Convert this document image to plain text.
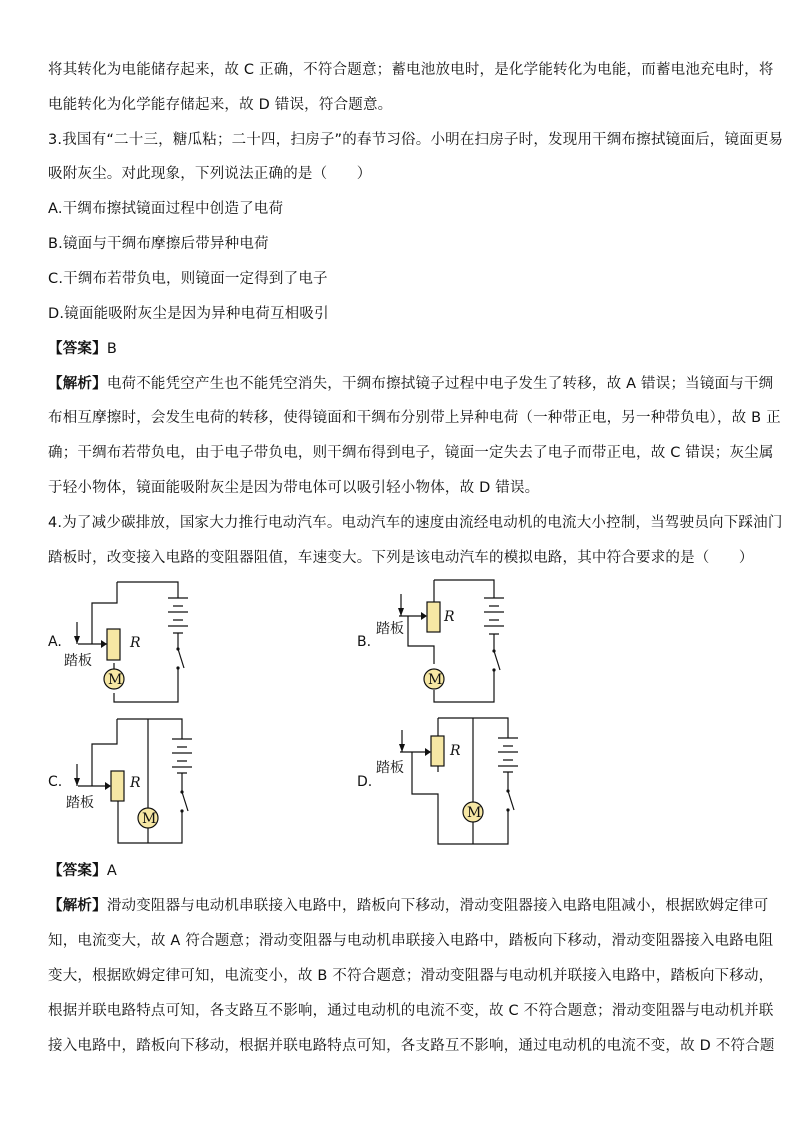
将其转化为电能储存起来，故 C 正确，不符合题意；蓄电池放电时，是化学能转化为电能，而蓄电池充电时，将
电能转化为化学能存储起来，故 D 错误，符合题意。
3.我国有“二十三，糖瓜粘；二十四，扫房子”的春节习俗。小明在扫房子时，发现用干绸布擦拭镜面后，镜面更易
吸附灰尘。对此现象，下列说法正确的是（　　）
A.干绸布擦拭镜面过程中创造了电荷
B.镜面与干绸布摩擦后带异种电荷
C.干绸布若带负电，则镜面一定得到了电子
D.镜面能吸附灰尘是因为异种电荷互相吸引
【答案】B
【解析】电荷不能凭空产生也不能凭空消失，干绸布擦拭镜子过程中电子发生了转移，故 A 错误；当镜面与干绸
布相互摩擦时，会发生电荷的转移，使得镜面和干绸布分别带上异种电荷（一种带正电，另一种带负电），故 B 正
确；干绸布若带负电，由于电子带负电，则干绸布得到电子，镜面一定失去了电子而带正电，故 C 错误；灰尘属
于轻小物体，镜面能吸附灰尘是因为带电体可以吸引轻小物体，故 D 错误。
4.为了减少碳排放，国家大力推行电动汽车。电动汽车的速度由流经电动机的电流大小控制，当驾驶员向下踩油门
踏板时，改变接入电路的变阻器阻值，车速变大。下列是该电动汽车的模拟电路，其中符合要求的是（　　）
A.	R
M
踏板
B.
R
M
踏板
C.	R
M
踏板
D.
R
M
踏板
【答案】A
【解析】滑动变阻器与电动机串联接入电路中，踏板向下移动，滑动变阻器接入电路电阻减小，根据欧姆定律可
知，电流变大，故 A 符合题意；滑动变阻器与电动机串联接入电路中，踏板向下移动，滑动变阻器接入电路电阻
变大，根据欧姆定律可知，电流变小，故 B 不符合题意；滑动变阻器与电动机并联接入电路中，踏板向下移动，
根据并联电路特点可知，各支路互不影响，通过电动机的电流不变，故 C 不符合题意；滑动变阻器与电动机并联
接入电路中，踏板向下移动，根据并联电路特点可知，各支路互不影响，通过电动机的电流不变，故 D 不符合题
